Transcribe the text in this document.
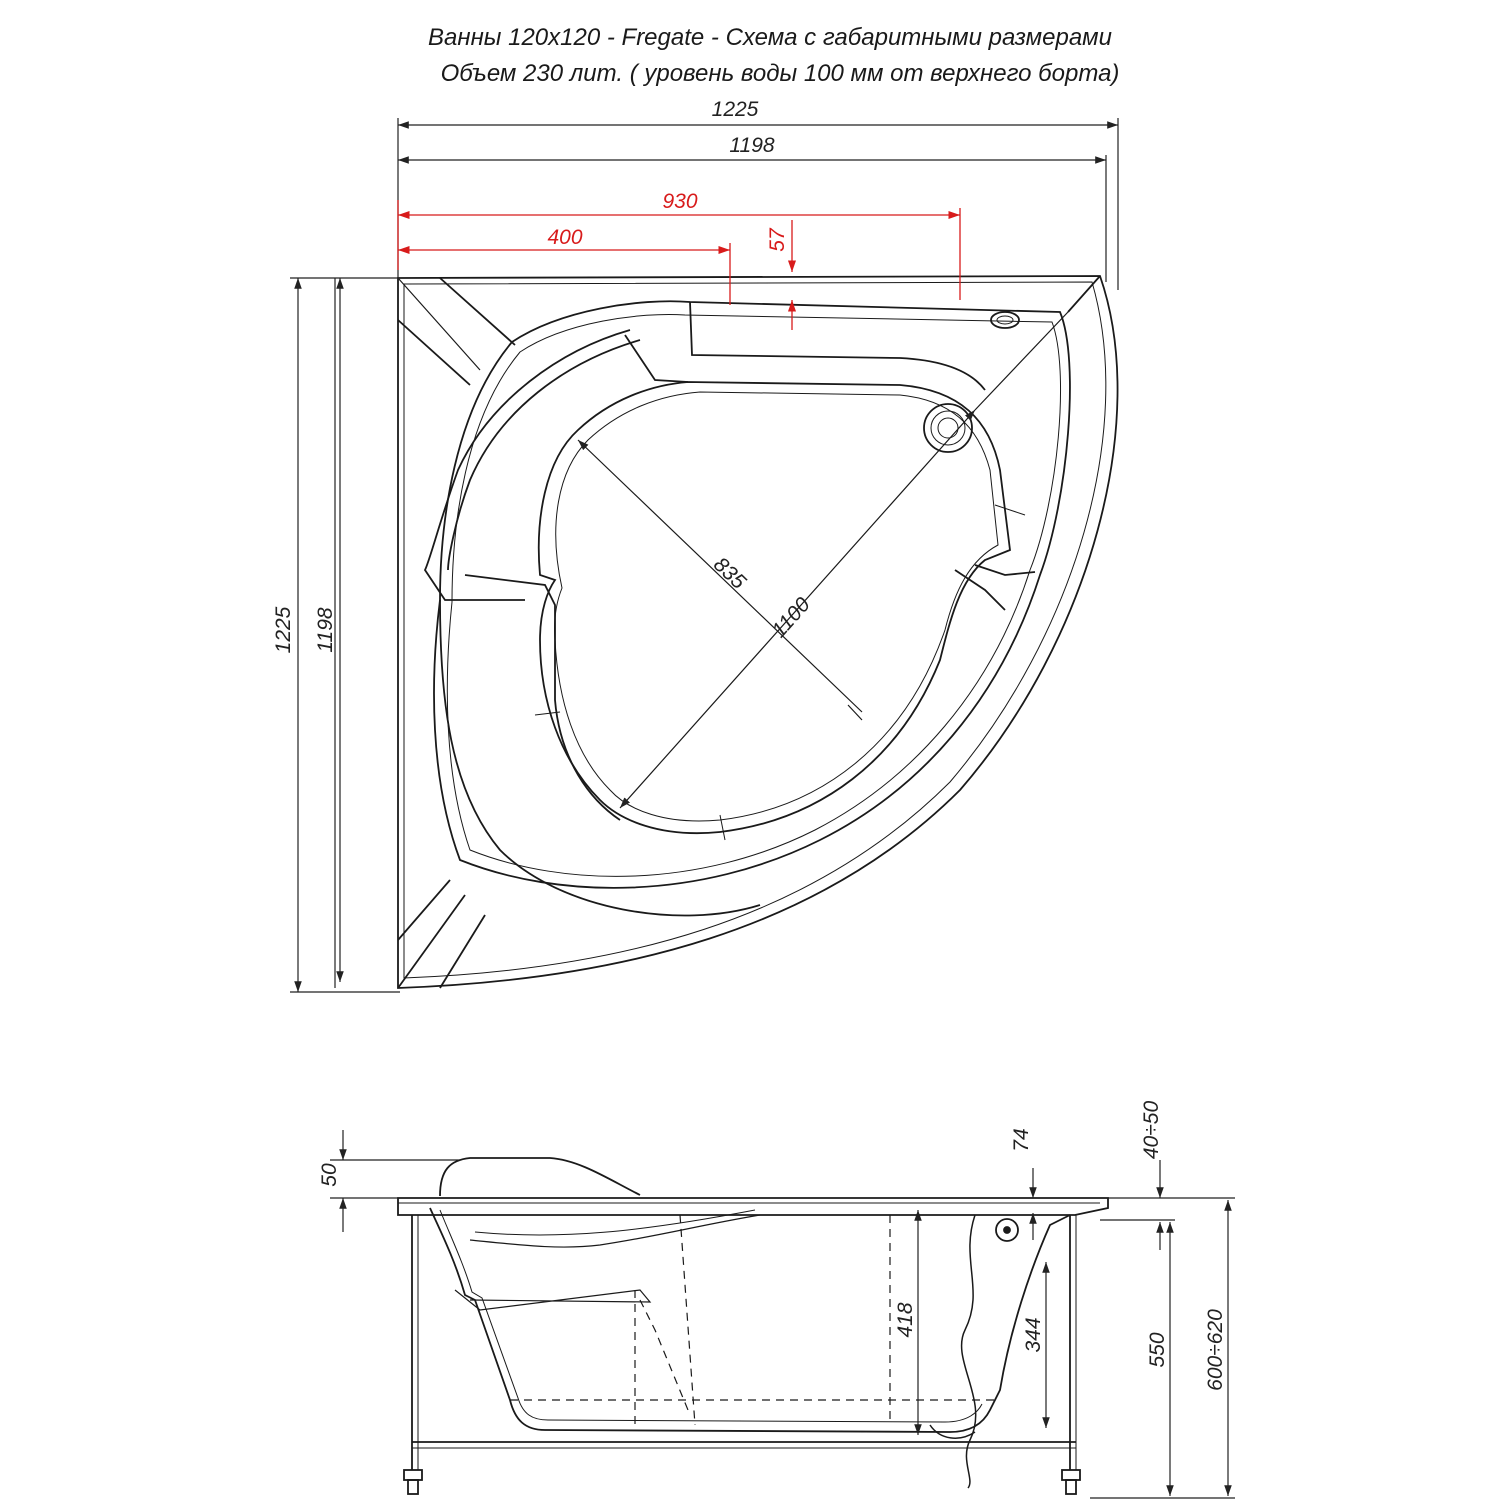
Ванны 120x120 - Fregate - Схема с габаритными размерами
Объем 230 лит. ( уровень воды 100 мм от верхнего борта)
1225
1198
930
400	57
1225 1198
835
1100
50
74	40÷50
418	344	550 600÷620
